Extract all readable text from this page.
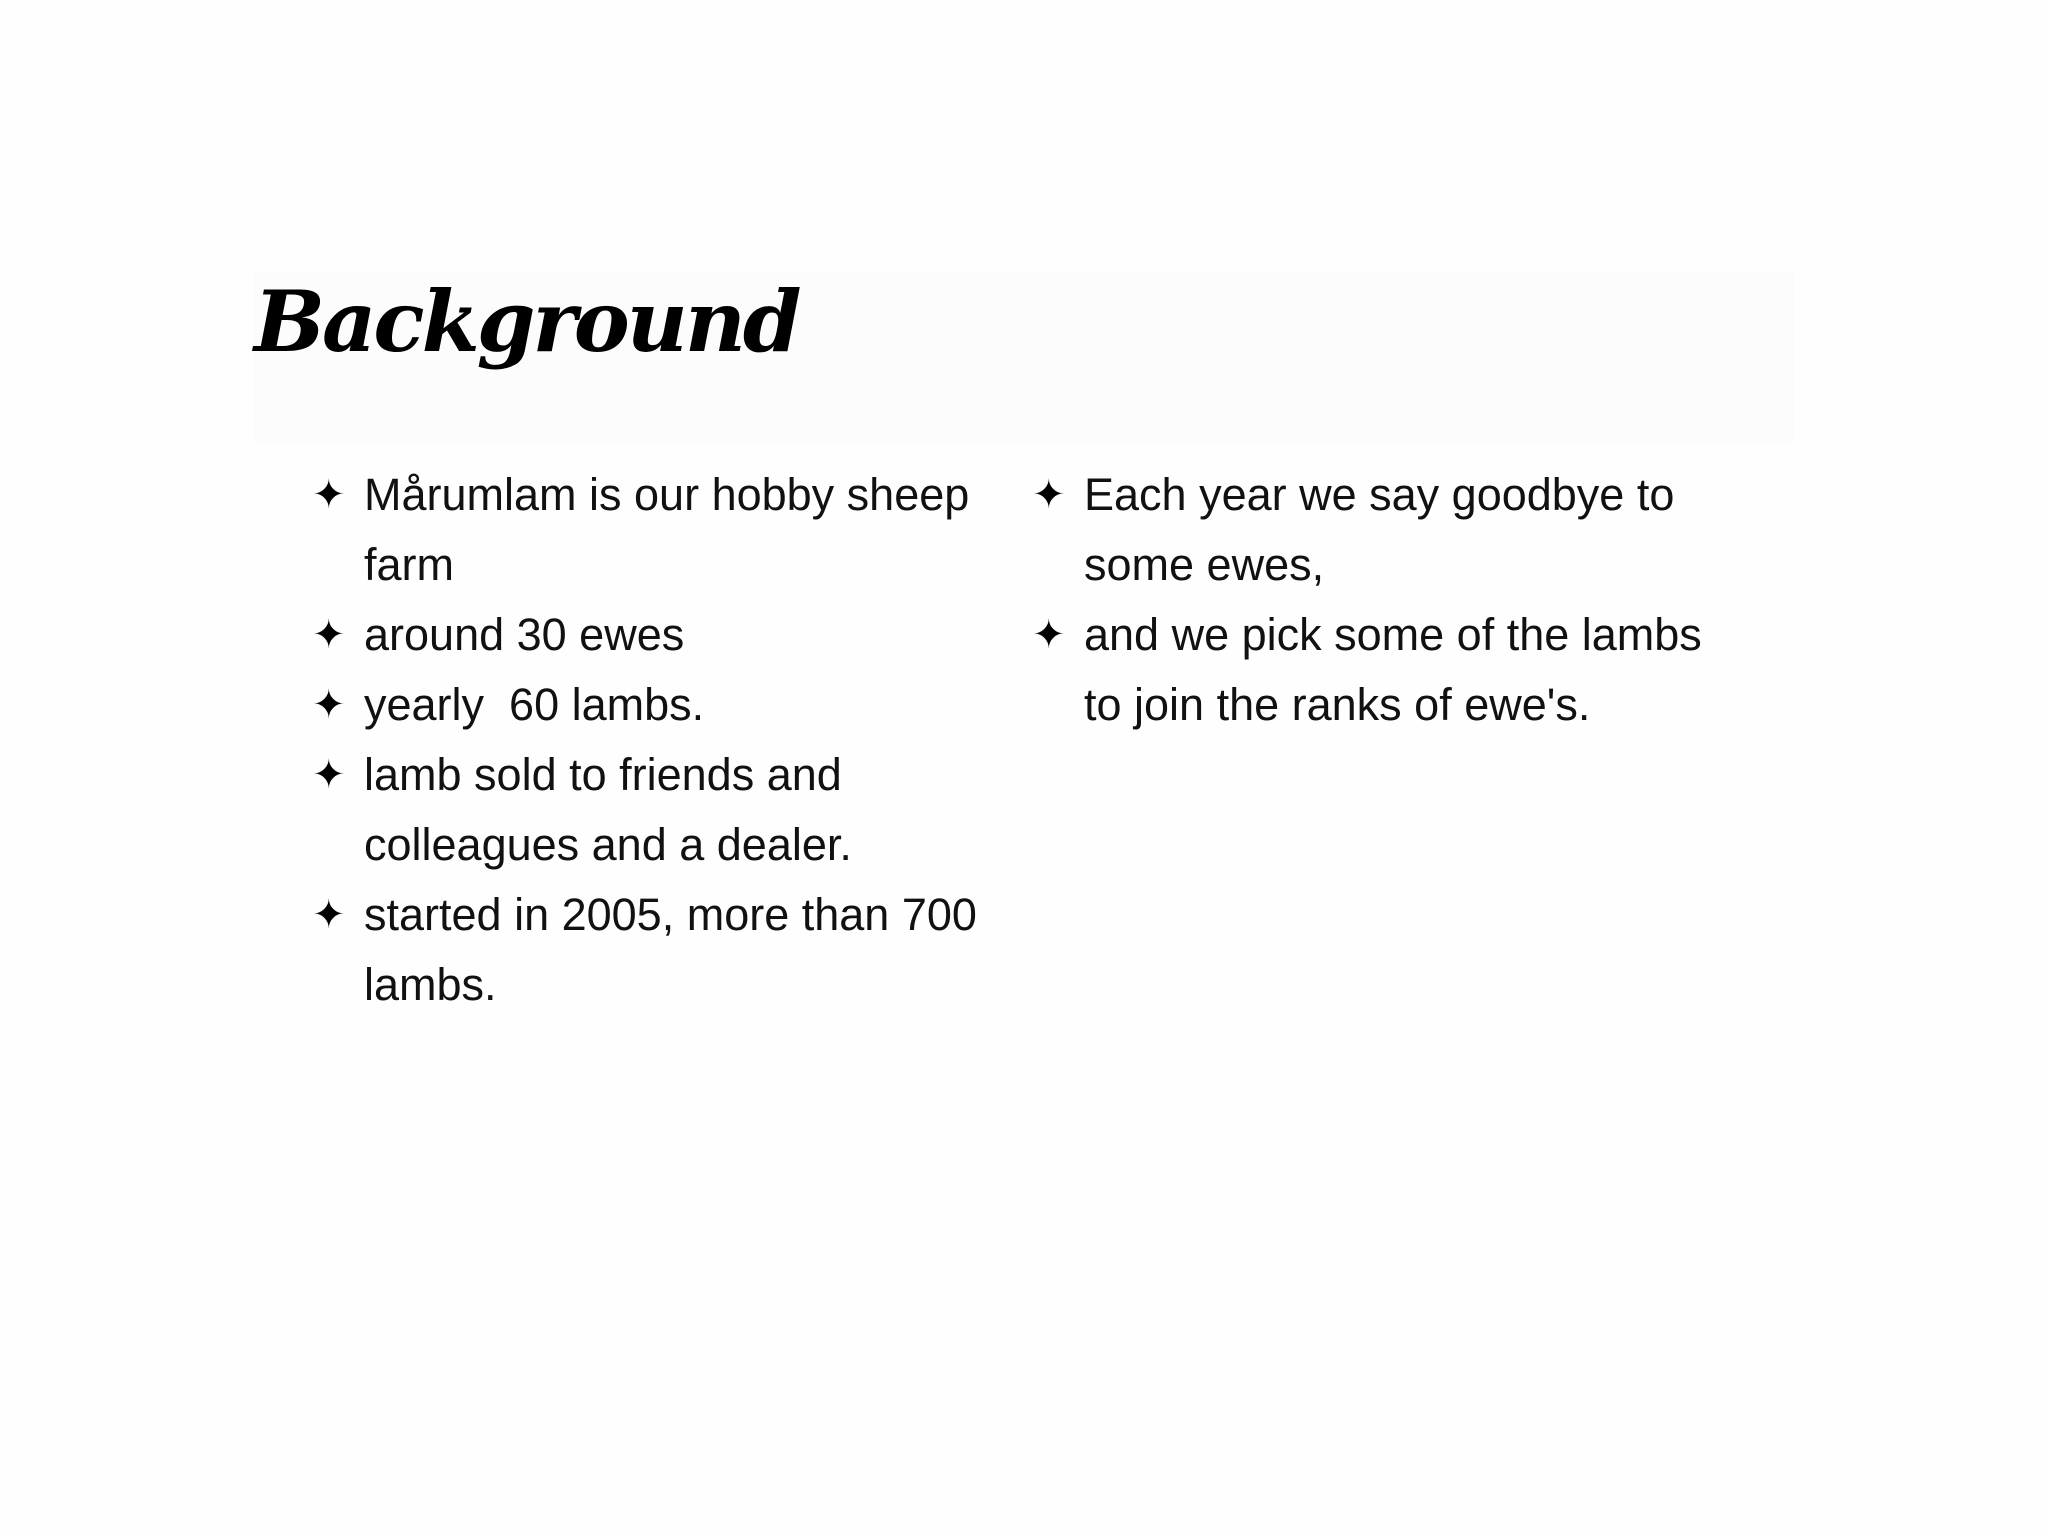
Background
✦ Mårumlam is our hobby sheep farm
✦ around 30 ewes
✦ yearly  60 lambs.
✦ lamb sold to friends and colleagues and a dealer.
✦ started in 2005, more than 700 lambs.
✦ Each year we say goodbye to some ewes,
✦ and we pick some of the lambs to join the ranks of ewe's.
